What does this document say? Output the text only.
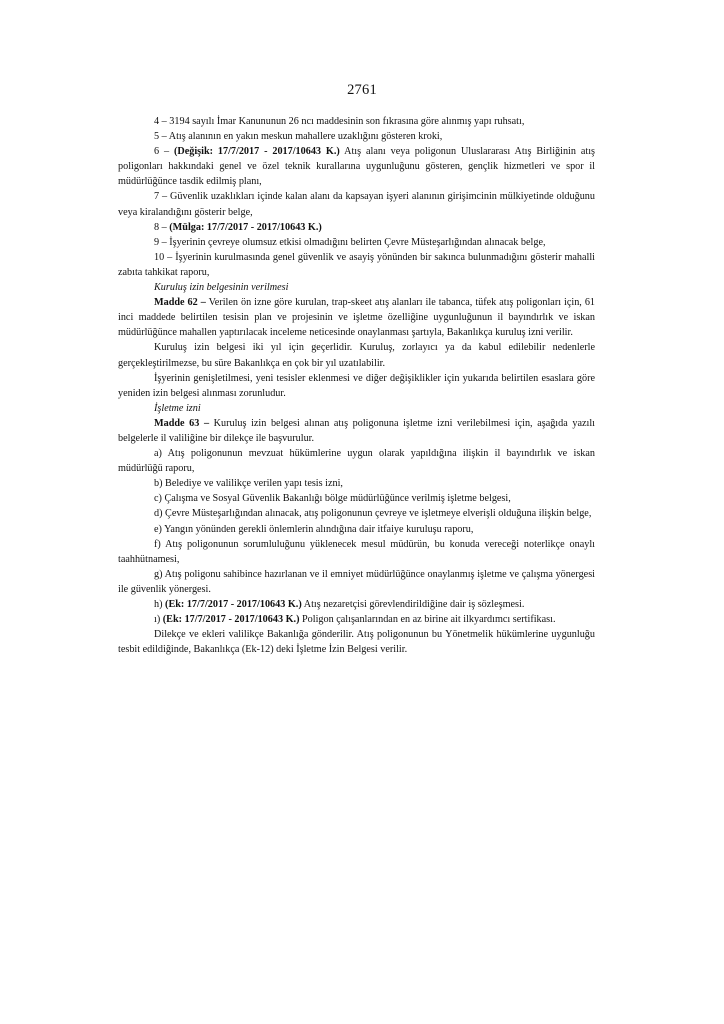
2761

4 – 3194 sayılı İmar Kanununun 26 ncı maddesinin son fıkrasına göre alınmış yapı ruhsatı,

5 – Atış alanının en yakın meskun mahallere uzaklığını gösteren kroki,

6 – (Değişik: 17/7/2017 - 2017/10643 K.) Atış alanı veya poligonun Uluslararası Atış Birliğinin atış poligonları hakkındaki genel ve özel teknik kurallarına uygunluğunu gösteren, gençlik hizmetleri ve spor il müdürlüğünce tasdik edilmiş planı,

7 – Güvenlik uzaklıkları içinde kalan alanı da kapsayan işyeri alanının girişimcinin mülkiyetinde olduğunu veya kiralandığını gösterir belge,

8 – (Mülga: 17/7/2017 - 2017/10643 K.)

9 – İşyerinin çevreye olumsuz etkisi olmadığını belirten Çevre Müsteşarlığından alınacak belge,

10 – İşyerinin kurulmasında genel güvenlik ve asayiş yönünden bir sakınca bulunmadığını gösterir mahalli zabıta tahkikat raporu,

Kuruluş izin belgesinin verilmesi

Madde 62 – Verilen ön izne göre kurulan, trap-skeet atış alanları ile tabanca, tüfek atış poligonları için, 61 inci maddede belirtilen tesisin plan ve projesinin ve işletme özelliğine uygunluğunun il bayındırlık ve iskan müdürlüğünce mahallen yaptırılacak inceleme neticesinde onaylanması şartıyla, Bakanlıkça kuruluş izni verilir.

Kuruluş izin belgesi iki yıl için geçerlidir. Kuruluş, zorlayıcı ya da kabul edilebilir nedenlerle gerçekleştirilmezse, bu süre Bakanlıkça en çok bir yıl uzatılabilir.

İşyerinin genişletilmesi, yeni tesisler eklenmesi ve diğer değişiklikler için yukarıda belirtilen esaslara göre yeniden izin belgesi alınması zorunludur.

İşletme izni

Madde 63 – Kuruluş izin belgesi alınan atış poligonuna işletme izni verilebilmesi için, aşağıda yazılı belgelerle il valiliğine bir dilekçe ile başvurulur.

a) Atış poligonunun mevzuat hükümlerine uygun olarak yapıldığına ilişkin il bayındırlık ve iskan müdürlüğü raporu,

b) Belediye ve valilikçe verilen yapı tesis izni,

c) Çalışma ve Sosyal Güvenlik Bakanlığı bölge müdürlüğünce verilmiş işletme belgesi,

d) Çevre Müsteşarlığından alınacak, atış poligonunun çevreye ve işletmeye elverişli olduğuna ilişkin belge,

e) Yangın yönünden gerekli önlemlerin alındığına dair itfaiye kuruluşu raporu,

f) Atış poligonunun sorumluluğunu yüklenecek mesul müdürün, bu konuda vereceği noterlikçe onaylı taahhütnamesi,

g) Atış poligonu sahibince hazırlanan ve il emniyet müdürlüğünce onaylanmış işletme ve çalışma yönergesi ile güvenlik yönergesi.

h) (Ek: 17/7/2017 - 2017/10643 K.) Atış nezaretçisi görevlendirildiğine dair iş sözleşmesi.

ı) (Ek: 17/7/2017 - 2017/10643 K.) Poligon çalışanlarından en az birine ait ilkyardımcı sertifikası.

Dilekçe ve ekleri valilikçe Bakanlığa gönderilir. Atış poligonunun bu Yönetmelik hükümlerine uygunluğu tesbit edildiğinde, Bakanlıkça (Ek-12) deki İşletme İzin Belgesi verilir.
